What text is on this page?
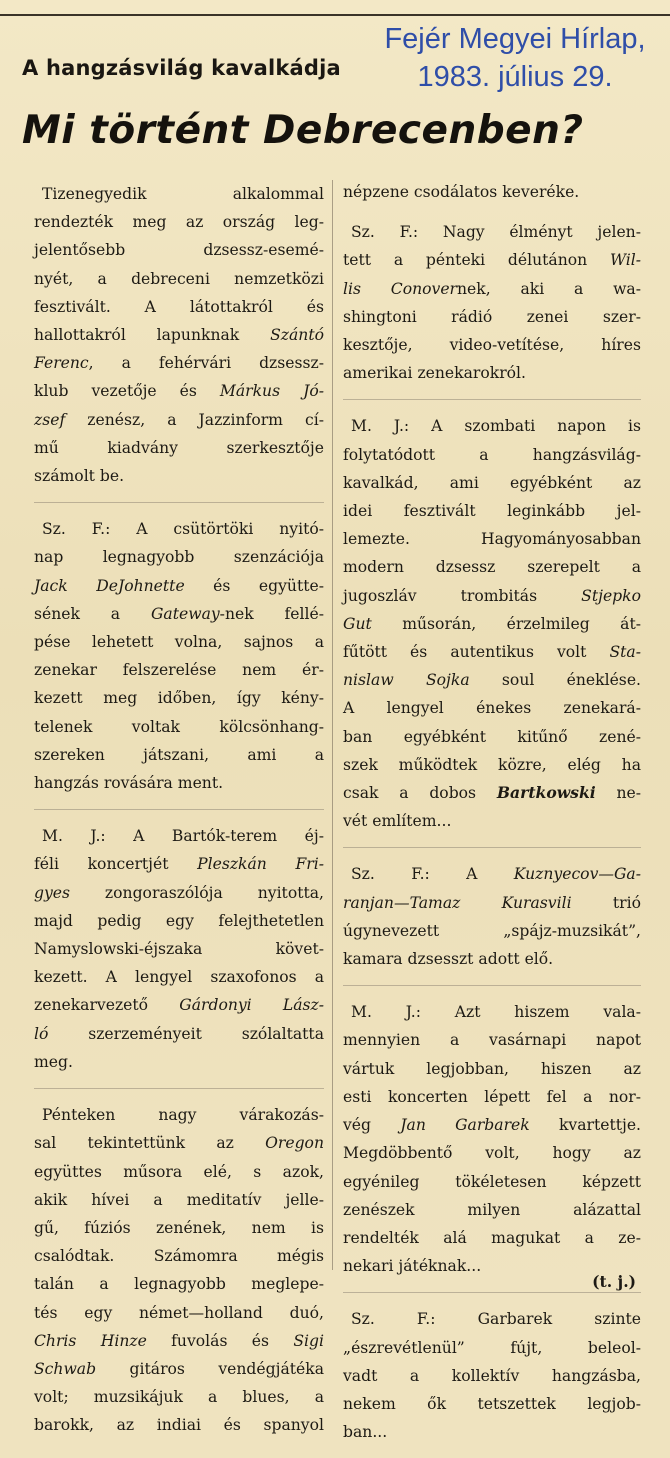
A hangzásvilág kavalkádja
Fejér Megyei Hírlap,
1983. július 29.
Mi történt Debrecenben?
Tizenegyedik alkalommal
rendezték meg az ország leg-
jelentősebb dzsessz-esemé-
nyét, a debreceni nemzetközi
fesztivált. A látottakról és
hallottakról lapunknak Szántó
Ferenc, a fehérvári dzsessz-
klub vezetője és Márkus Jó-
zsef zenész, a Jazzinform cí-
mű kiadvány szerkesztője
számolt be.
Sz. F.: A csütörtöki nyitó-
nap legnagyobb szenzációja
Jack DeJohnette és együtte-
sének a Gateway-nek fellé-
pése lehetett volna, sajnos a
zenekar felszerelése nem ér-
kezett meg időben, így kény-
telenek voltak kölcsönhang-
szereken játszani, ami a
hangzás rovására ment.
M. J.: A Bartók-terem éj-
féli koncertjét Pleszkán Fri-
gyes zongoraszólója nyitotta,
majd pedig egy felejthetetlen
Namyslowski-éjszaka követ-
kezett. A lengyel szaxofonos a
zenekarvezető Gárdonyi Lász-
ló szerzeményeit szólaltatta
meg.
Pénteken nagy várakozás-
sal tekintettünk az Oregon
együttes műsora elé, s azok,
akik hívei a meditatív jelle-
gű, fúziós zenének, nem is
csalódtak. Számomra mégis
talán a legnagyobb meglepe-
tés egy német—holland duó,
Chris Hinze fuvolás és Sigi
Schwab gitáros vendégjátéka
volt; muzsikájuk a blues, a
barokk, az indiai és spanyol
népzene csodálatos keveréke.
Sz. F.: Nagy élményt jelen-
tett a pénteki délutánon Wil-
lis Conovernek, aki a wa-
shingtoni rádió zenei szer-
kesztője, video-vetítése, híres
amerikai zenekarokról.
M. J.: A szombati napon is
folytatódott a hangzásvilág-
kavalkád, ami egyébként az
idei fesztivált leginkább jel-
lemezte. Hagyományosabban
modern dzsessz szerepelt a
jugoszláv trombitás Stjepko
Gut műsorán, érzelmileg át-
fűtött és autentikus volt Sta-
nislaw Sojka soul éneklése.
A lengyel énekes zenekará-
ban egyébként kitűnő zené-
szek működtek közre, elég ha
csak a dobos Bartkowski ne-
vét említem...
Sz. F.: A Kuznyecov—Ga-
ranjan—Tamaz Kurasvili trió
úgynevezett „spájz-muzsikát”,
kamara dzsesszt adott elő.
M. J.: Azt hiszem vala-
mennyien a vasárnapi napot
vártuk legjobban, hiszen az
esti koncerten lépett fel a nor-
vég Jan Garbarek kvartettje.
Megdöbbentő volt, hogy az
egyénileg tökéletesen képzett
zenészek milyen alázattal
rendelték alá magukat a ze-
nekari játéknak...
Sz. F.: Garbarek szinte
„észrevétlenül” fújt, beleol-
vadt a kollektív hangzásba,
nekem ők tetszettek legjob-
ban...
(t. j.)
